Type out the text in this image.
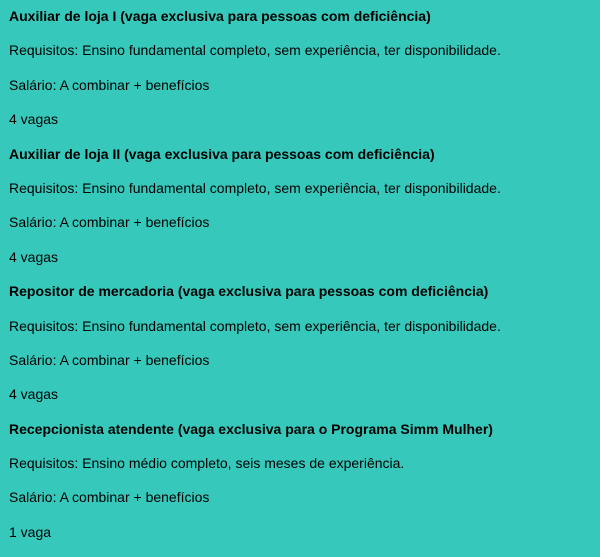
Auxiliar de loja I (vaga exclusiva para pessoas com deficiência)

Requisitos: Ensino fundamental completo, sem experiência, ter disponibilidade.

Salário: A combinar + benefícios

4 vagas

Auxiliar de loja II (vaga exclusiva para pessoas com deficiência)

Requisitos: Ensino fundamental completo, sem experiência, ter disponibilidade.

Salário: A combinar + benefícios

4 vagas

Repositor de mercadoria (vaga exclusiva para pessoas com deficiência)

Requisitos: Ensino fundamental completo, sem experiência, ter disponibilidade.

Salário: A combinar + benefícios

4 vagas

Recepcionista atendente (vaga exclusiva para o Programa Simm Mulher)

Requisitos: Ensino médio completo, seis meses de experiência.

Salário: A combinar + benefícios

1 vaga
